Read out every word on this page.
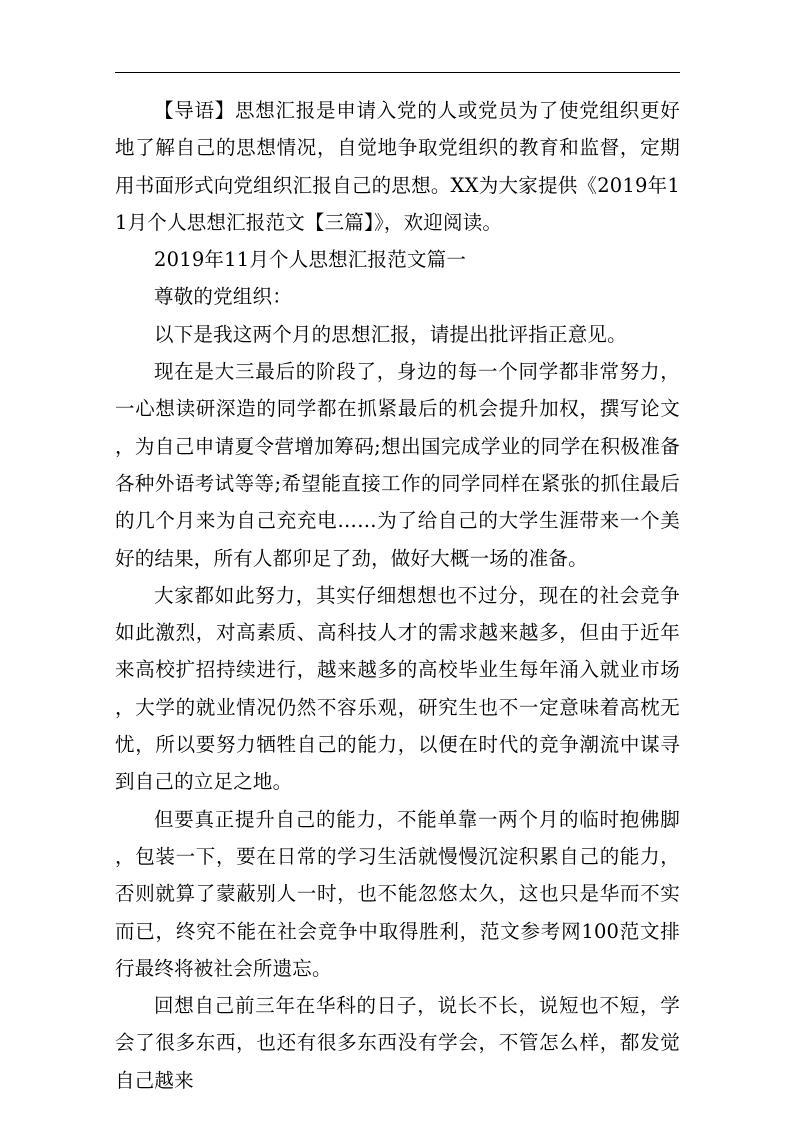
【导语】思想汇报是申请入党的人或党员为了使党组织更好地了解自己的思想情况，自觉地争取党组织的教育和监督，定期用书面形式向党组织汇报自己的思想。XX为大家提供《2019年11月个人思想汇报范文【三篇】》，欢迎阅读。

2019年11月个人思想汇报范文篇一

尊敬的党组织：

以下是我这两个月的思想汇报，请提出批评指正意见。

现在是大三最后的阶段了，身边的每一个同学都非常努力，一心想读研深造的同学都在抓紧最后的机会提升加权，撰写论文，为自己申请夏令营增加筹码;想出国完成学业的同学在积极准备各种外语考试等等;希望能直接工作的同学同样在紧张的抓住最后的几个月来为自己充充电……为了给自己的大学生涯带来一个美好的结果，所有人都卯足了劲，做好大概一场的准备。

大家都如此努力，其实仔细想想也不过分，现在的社会竞争如此激烈，对高素质、高科技人才的需求越来越多，但由于近年来高校扩招持续进行，越来越多的高校毕业生每年涌入就业市场，大学的就业情况仍然不容乐观，研究生也不一定意味着高枕无忧，所以要努力牺牲自己的能力，以便在时代的竞争潮流中谋寻到自己的立足之地。

但要真正提升自己的能力，不能单靠一两个月的临时抱佛脚，包装一下，要在日常的学习生活就慢慢沉淀积累自己的能力，否则就算了蒙蔽别人一时，也不能忽悠太久，这也只是华而不实而已，终究不能在社会竞争中取得胜利，范文参考网100范文排行最终将被社会所遗忘。

回想自己前三年在华科的日子，说长不长，说短也不短，学会了很多东西，也还有很多东西没有学会，不管怎么样，都发觉自己越来
